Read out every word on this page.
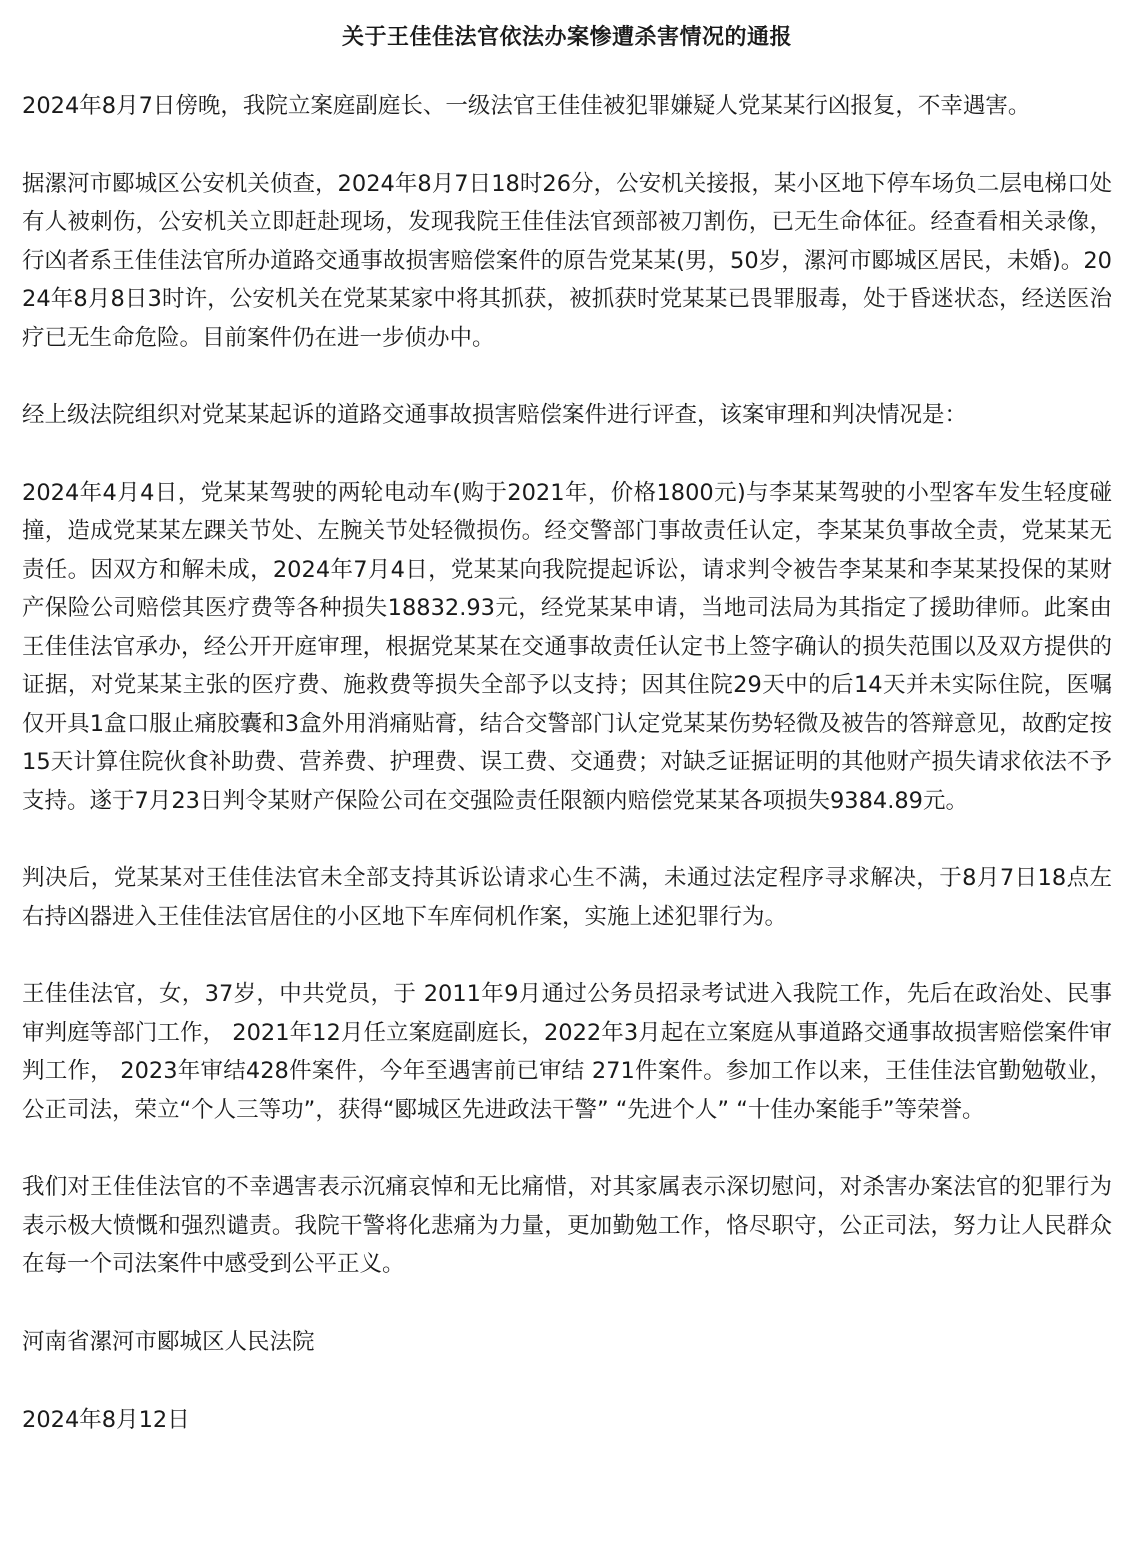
关于王佳佳法官依法办案惨遭杀害情况的通报

2024年8月7日傍晚，我院立案庭副庭长、一级法官王佳佳被犯罪嫌疑人党某某行凶报复，不幸遇害。

据漯河市郾城区公安机关侦查，2024年8月7日18时26分，公安机关接报，某小区地下停车场负二层电梯口处有人被刺伤，公安机关立即赶赴现场，发现我院王佳佳法官颈部被刀割伤，已无生命体征。经查看相关录像，行凶者系王佳佳法官所办道路交通事故损害赔偿案件的原告党某某(男，50岁，漯河市郾城区居民，未婚)。2024年8月8日3时许，公安机关在党某某家中将其抓获，被抓获时党某某已畏罪服毒，处于昏迷状态，经送医治疗已无生命危险。目前案件仍在进一步侦办中。

经上级法院组织对党某某起诉的道路交通事故损害赔偿案件进行评查，该案审理和判决情况是：

2024年4月4日，党某某驾驶的两轮电动车(购于2021年，价格1800元)与李某某驾驶的小型客车发生轻度碰撞，造成党某某左踝关节处、左腕关节处轻微损伤。经交警部门事故责任认定，李某某负事故全责，党某某无责任。因双方和解未成，2024年7月4日，党某某向我院提起诉讼，请求判令被告李某某和李某某投保的某财产保险公司赔偿其医疗费等各种损失18832.93元，经党某某申请，当地司法局为其指定了援助律师。此案由王佳佳法官承办，经公开开庭审理，根据党某某在交通事故责任认定书上签字确认的损失范围以及双方提供的证据，对党某某主张的医疗费、施救费等损失全部予以支持；因其住院29天中的后14天并未实际住院，医嘱仅开具1盒口服止痛胶囊和3盒外用消痛贴膏，结合交警部门认定党某某伤势轻微及被告的答辩意见，故酌定按15天计算住院伙食补助费、营养费、护理费、误工费、交通费；对缺乏证据证明的其他财产损失请求依法不予支持。遂于7月23日判令某财产保险公司在交强险责任限额内赔偿党某某各项损失9384.89元。

判决后，党某某对王佳佳法官未全部支持其诉讼请求心生不满，未通过法定程序寻求解决，于8月7日18点左右持凶器进入王佳佳法官居住的小区地下车库伺机作案，实施上述犯罪行为。

王佳佳法官，女，37岁，中共党员，于 2011年9月通过公务员招录考试进入我院工作，先后在政治处、民事审判庭等部门工作， 2021年12月任立案庭副庭长，2022年3月起在立案庭从事道路交通事故损害赔偿案件审判工作， 2023年审结428件案件，今年至遇害前已审结 271件案件。参加工作以来，王佳佳法官勤勉敬业，公正司法，荣立“个人三等功”，获得“郾城区先进政法干警” “先进个人” “十佳办案能手”等荣誉。

我们对王佳佳法官的不幸遇害表示沉痛哀悼和无比痛惜，对其家属表示深切慰问，对杀害办案法官的犯罪行为表示极大愤慨和强烈谴责。我院干警将化悲痛为力量，更加勤勉工作，恪尽职守，公正司法，努力让人民群众在每一个司法案件中感受到公平正义。

河南省漯河市郾城区人民法院
2024年8月12日
